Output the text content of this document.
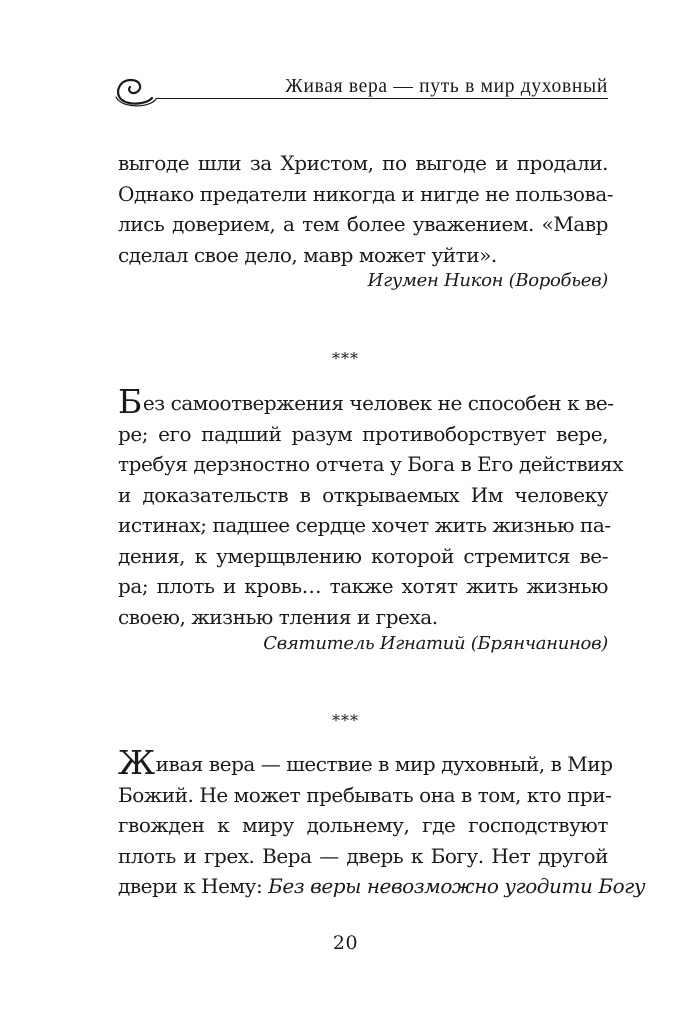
Живая вера — путь в мир духовный
выгоде шли за Христом, по выгоде и продали.
Однако предатели никогда и нигде не пользова-
лись доверием, а тем более уважением. «Мавр
сделал свое дело, мавр может уйти».
Игумен Никон (Воробьев)
***
Без самоотвержения человек не способен к ве-
ре; его падший разум противоборствует вере,
требуя дерзностно отчета у Бога в Его действиях
и доказательств в открываемых Им человеку
истинах; падшее сердце хочет жить жизнью па-
дения, к умерщвлению которой стремится ве-
ра; плоть и кровь… также хотят жить жизнью
своею, жизнью тления и греха.
Святитель Игнатий (Брянчанинов)
***
Живая вера — шествие в мир духовный, в Мир
Божий. Не может пребывать она в том, кто при-
гвожден к миру дольнему, где господствуют
плоть и грех. Вера — дверь к Богу. Нет другой
двери к Нему: Без веры невозможно угодити Богу
20
